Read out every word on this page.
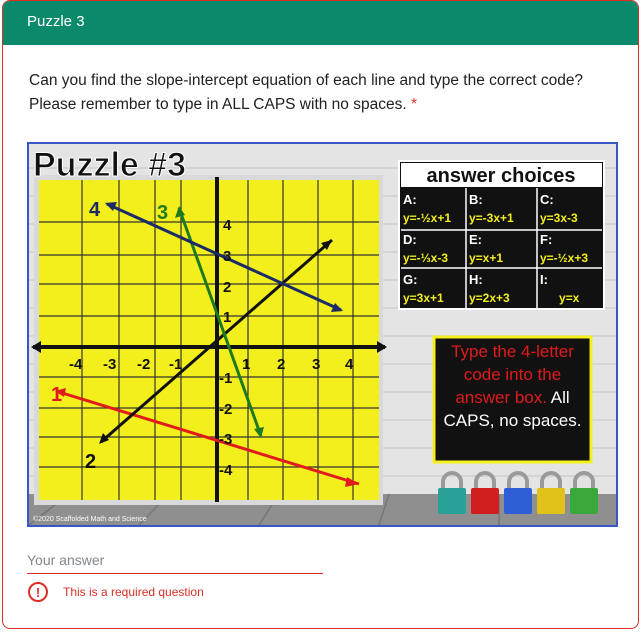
Puzzle 3
Can you find the slope-intercept equation of each line and type the correct code? Please remember to type in ALL CAPS with no spaces. *
Puzzle #3
-4 -3 -2 -1	1 2 3 4
4
3
2
1
-1
-2
-3
-4
1
2
3
4
answer choices
A:
y=-½x+1
B:
y=-3x+1
C:
y=3x-3
D:
y=-⅓x-3
E:
y=x+1
F:
y=-½x+3
G:
y=3x+1
H:
y=2x+3
I:
y=x
Type the 4-letter code into the answer box. All CAPS, no spaces.
©2020 Scaffolded Math and Science
Your answer
!	This is a required question
